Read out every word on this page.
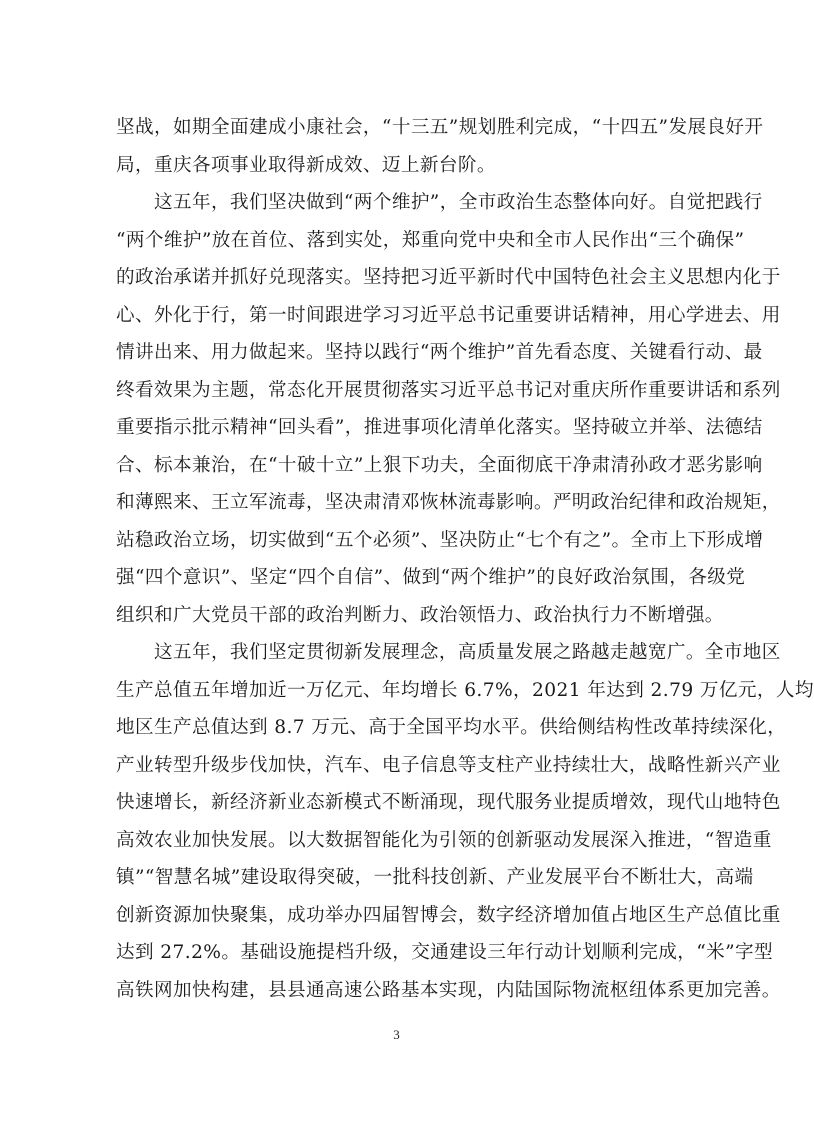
坚战，如期全面建成小康社会，“十三五”规划胜利完成，“十四五”发展良好开
局，重庆各项事业取得新成效、迈上新台阶。

　　这五年，我们坚决做到“两个维护”，全市政治生态整体向好。自觉把践行
“两个维护”放在首位、落到实处，郑重向党中央和全市人民作出“三个确保”
的政治承诺并抓好兑现落实。坚持把习近平新时代中国特色社会主义思想内化于
心、外化于行，第一时间跟进学习习近平总书记重要讲话精神，用心学进去、用
情讲出来、用力做起来。坚持以践行“两个维护”首先看态度、关键看行动、最
终看效果为主题，常态化开展贯彻落实习近平总书记对重庆所作重要讲话和系列
重要指示批示精神“回头看”，推进事项化清单化落实。坚持破立并举、法德结
合、标本兼治，在“十破十立”上狠下功夫，全面彻底干净肃清孙政才恶劣影响
和薄熙来、王立军流毒，坚决肃清邓恢林流毒影响。严明政治纪律和政治规矩，
站稳政治立场，切实做到“五个必须”、坚决防止“七个有之”。全市上下形成增
强“四个意识”、坚定“四个自信”、做到“两个维护”的良好政治氛围，各级党
组织和广大党员干部的政治判断力、政治领悟力、政治执行力不断增强。

　　这五年，我们坚定贯彻新发展理念，高质量发展之路越走越宽广。全市地区
生产总值五年增加近一万亿元、年均增长 6.7%，2021 年达到 2.79 万亿元，人均
地区生产总值达到 8.7 万元、高于全国平均水平。供给侧结构性改革持续深化，
产业转型升级步伐加快，汽车、电子信息等支柱产业持续壮大，战略性新兴产业
快速增长，新经济新业态新模式不断涌现，现代服务业提质增效，现代山地特色
高效农业加快发展。以大数据智能化为引领的创新驱动发展深入推进，“智造重
镇”“智慧名城”建设取得突破，一批科技创新、产业发展平台不断壮大，高端
创新资源加快聚集，成功举办四届智博会，数字经济增加值占地区生产总值比重
达到 27.2%。基础设施提档升级，交通建设三年行动计划顺利完成，“米”字型
高铁网加快构建，县县通高速公路基本实现，内陆国际物流枢纽体系更加完善。

3
